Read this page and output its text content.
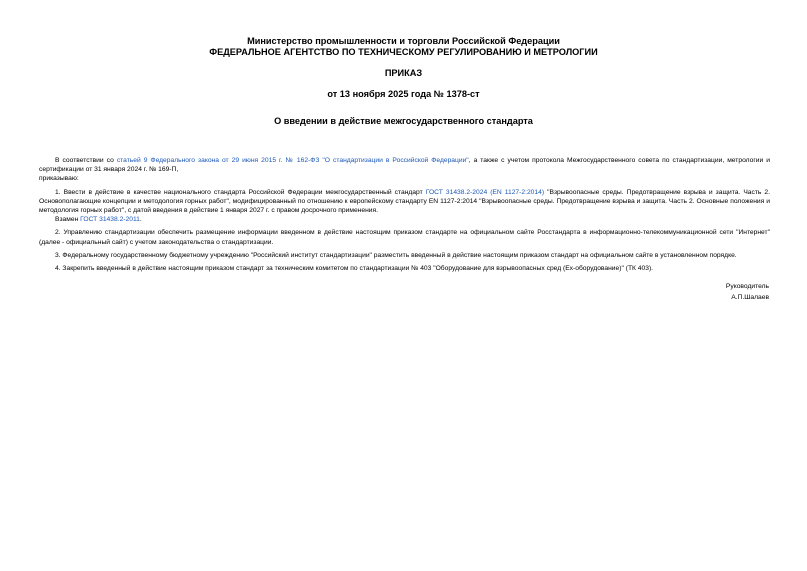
Министерство промышленности и торговли Российской Федерации
ФЕДЕРАЛЬНОЕ АГЕНТСТВО ПО ТЕХНИЧЕСКОМУ РЕГУЛИРОВАНИЮ И МЕТРОЛОГИИ
ПРИКАЗ
от 13 ноября 2025 года № 1378-ст
О введении в действие межгосударственного стандарта

В соответствии со статьей 9 Федерального закона от 29 июня 2015 г. № 162-ФЗ "О стандартизации в Российской Федерации", а также с учетом протокола Межгосударственного совета по стандартизации, метрологии и сертификации от 31 января 2024 г. № 169-П,

приказываю:

1. Ввести в действие в качестве национального стандарта Российской Федерации межгосударственный стандарт ГОСТ 31438.2-2024 (EN 1127-2:2014) "Взрывоопасные среды. Предотвращение взрыва и защита. Часть 2. Основополагающие концепции и методология горных работ", модифицированный по отношению к европейскому стандарту EN 1127-2:2014 "Взрывоопасные среды. Предотвращение взрыва и защита. Часть 2. Основные положения и методология горных работ", с датой введения в действие 1 января 2027 г. с правом досрочного применения.

Взамен ГОСТ 31438.2-2011.

2. Управлению стандартизации обеспечить размещение информации введенном в действие настоящим приказом стандарте на официальном сайте Росстандарта в информационно-телекоммуникационной сети "Интернет" (далее - официальный сайт) с учетом законодательства о стандартизации.

3. Федеральному государственному бюджетному учреждению "Российский институт стандартизации" разместить введенный в действие настоящим приказом стандарт на официальном сайте в установленном порядке.

4. Закрепить введенный в действие настоящим приказом стандарт за техническим комитетом по стандартизации № 403 "Оборудование для взрывоопасных сред (Ex-оборудование)" (ТК 403).

Руководитель
А.П.Шалаев
